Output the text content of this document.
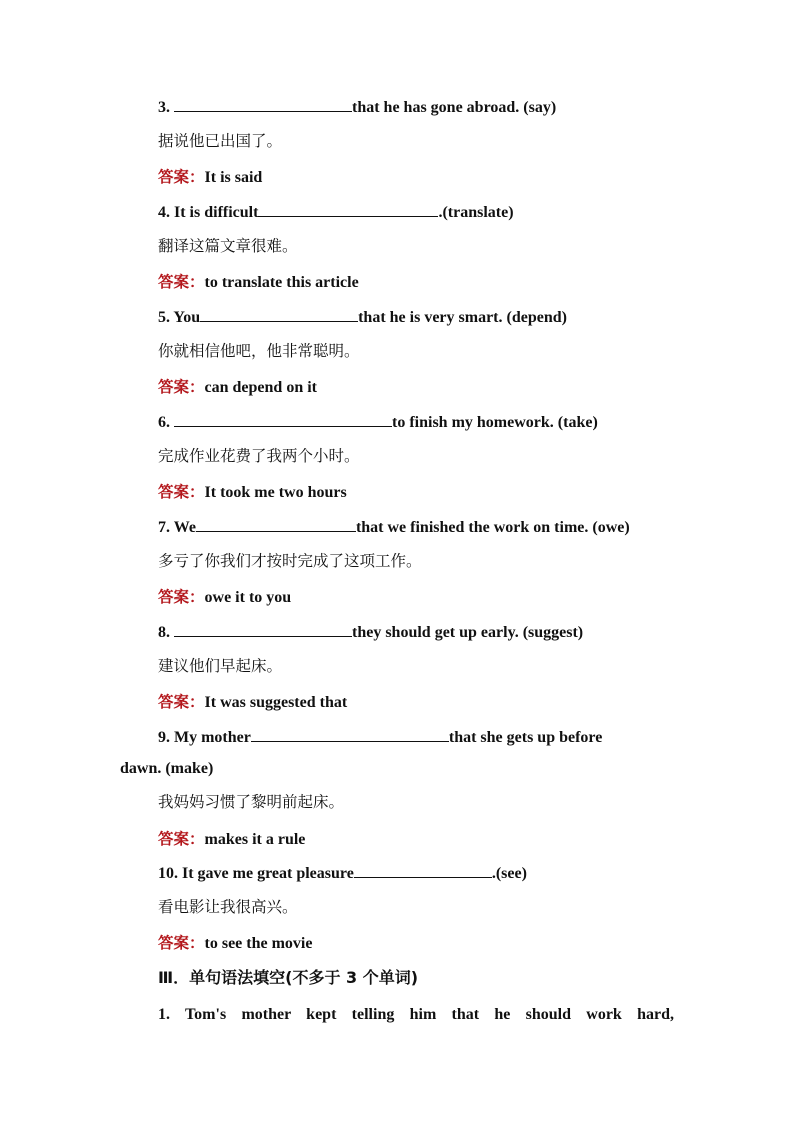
3.	that he has gone abroad. (say)
据说他已出国了。
答案：It is said
4. It is difficult	.(translate)
翻译这篇文章很难。
答案：to translate this article
5. You	that he is very smart. (depend)
你就相信他吧，他非常聪明。
答案：can depend on it
6.	to finish my homework. (take)
完成作业花费了我两个小时。
答案：It took me two hours
7. We	that we finished the work on time. (owe)
多亏了你我们才按时完成了这项工作。
答案：owe it to you
8.	they should get up early. (suggest)
建议他们早起床。
答案：It was suggested that
9. My mother	that she gets up before
dawn. (make)
我妈妈习惯了黎明前起床。
答案：makes it a rule
10. It gave me great pleasure	.(see)
看电影让我很高兴。
答案：to see the movie
Ⅲ．单句语法填空(不多于 3 个单词)
1. Tom's mother kept telling him that he should work hard,
